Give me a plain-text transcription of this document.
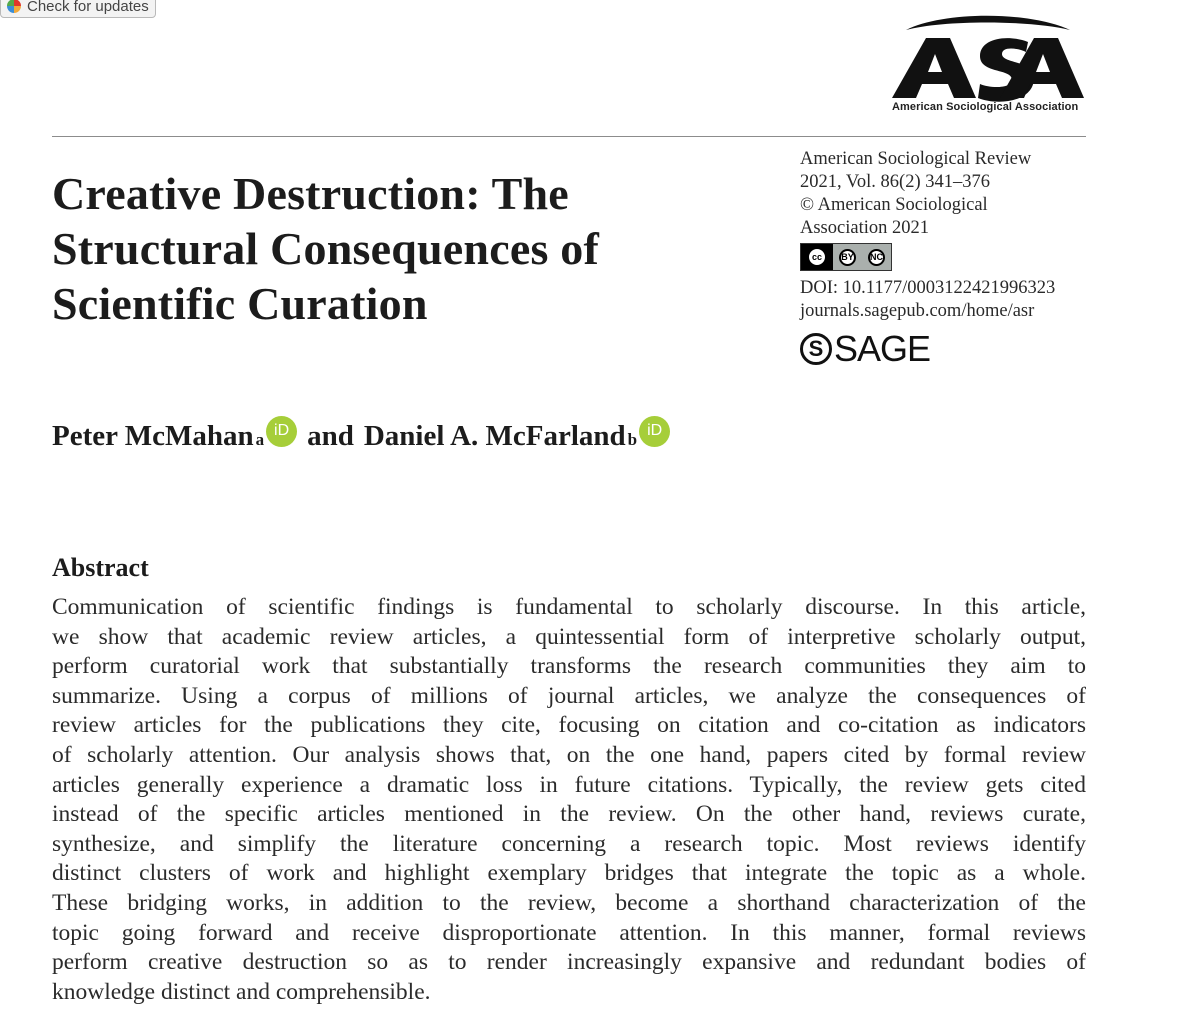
Check for updates
American Sociological Association
Creative Destruction: The
Structural Consequences of
Scientific Curation
American Sociological Review
2021, Vol. 86(2) 341–376
© American Sociological
Association 2021
cc	BY NC
DOI: 10.1177/0003122421996323
journals.sagepub.com/home/asr
S SAGE
Peter McMahan a iD and Daniel A. McFarland b iD
Abstract
Communication of scientific findings is fundamental to scholarly discourse. In this article,
we show that academic review articles, a quintessential form of interpretive scholarly output,
perform curatorial work that substantially transforms the research communities they aim to
summarize. Using a corpus of millions of journal articles, we analyze the consequences of
review articles for the publications they cite, focusing on citation and co-citation as indicators
of scholarly attention. Our analysis shows that, on the one hand, papers cited by formal review
articles generally experience a dramatic loss in future citations. Typically, the review gets cited
instead of the specific articles mentioned in the review. On the other hand, reviews curate,
synthesize, and simplify the literature concerning a research topic. Most reviews identify
distinct clusters of work and highlight exemplary bridges that integrate the topic as a whole.
These bridging works, in addition to the review, become a shorthand characterization of the
topic going forward and receive disproportionate attention. In this manner, formal reviews
perform creative destruction so as to render increasingly expansive and redundant bodies of
knowledge distinct and comprehensible.
